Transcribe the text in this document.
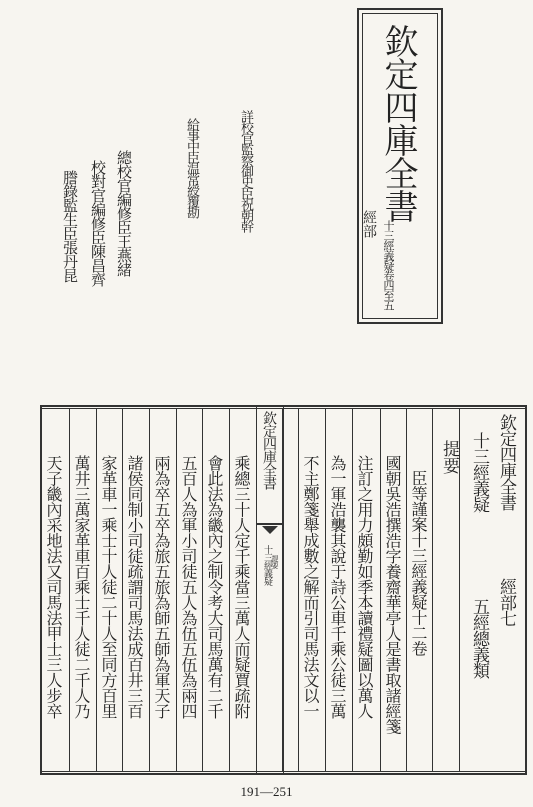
欽定四庫全書
經部 十三經義疑卷四至五
詳校官監察御史臣祝朝幹
給事中臣温常綬覆勘
總校官編修臣王燕緒
校對官編修臣陳昌齊
謄錄監生臣張丹昆
欽定四庫全書
十三經義疑 提要
欽定四庫全書
經部七
十三經義疑
五經總義類
提要
臣等謹案十三經義疑十二卷
國朝吳浩撰浩字養齋華亭人是書取諸經箋
注訂之用力頗勤如季本讀禮疑圖以萬人
為一軍浩襲其說于詩公車千乘公徒三萬
不主鄭箋舉成數之解而引司馬法文以一
乘總三十人定千乘當三萬人而疑賈疏附
會此法為畿內之制令考大司馬萬有二千
五百人為軍小司徒五人為伍五伍為兩四
兩為卒五卒為旅五旅為師五師為軍天子
諸侯同制小司徒疏謂司馬法成百井三百
家革車一乘士十人徒二十人至同方百里
萬井三萬家革車百乘士千人徒二千人乃
天子畿內采地法又司馬法甲士三人步卒
191—251
